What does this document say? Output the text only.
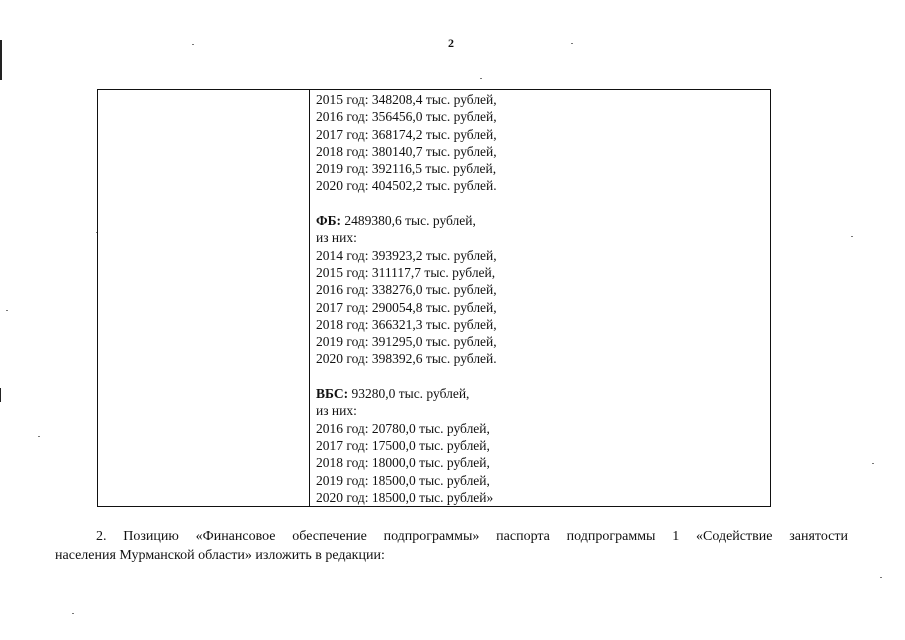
2
2015 год: 348208,4 тыс. рублей,
2016 год: 356456,0 тыс. рублей,
2017 год: 368174,2 тыс. рублей,
2018 год: 380140,7 тыс. рублей,
2019 год: 392116,5 тыс. рублей,
2020 год: 404502,2 тыс. рублей.
ФБ: 2489380,6 тыс. рублей,
из них:
2014 год: 393923,2 тыс. рублей,
2015 год: 311117,7 тыс. рублей,
2016 год: 338276,0 тыс. рублей,
2017 год: 290054,8 тыс. рублей,
2018 год: 366321,3 тыс. рублей,
2019 год: 391295,0 тыс. рублей,
2020 год: 398392,6 тыс. рублей.
ВБС: 93280,0 тыс. рублей,
из них:
2016 год: 20780,0 тыс. рублей,
2017 год: 17500,0 тыс. рублей,
2018 год: 18000,0 тыс. рублей,
2019 год: 18500,0 тыс. рублей,
2020 год: 18500,0 тыс. рублей»
2. Позицию «Финансовое обеспечение подпрограммы» паспорта подпрограммы 1 «Содействие занятости
населения Мурманской области» изложить в редакции:
